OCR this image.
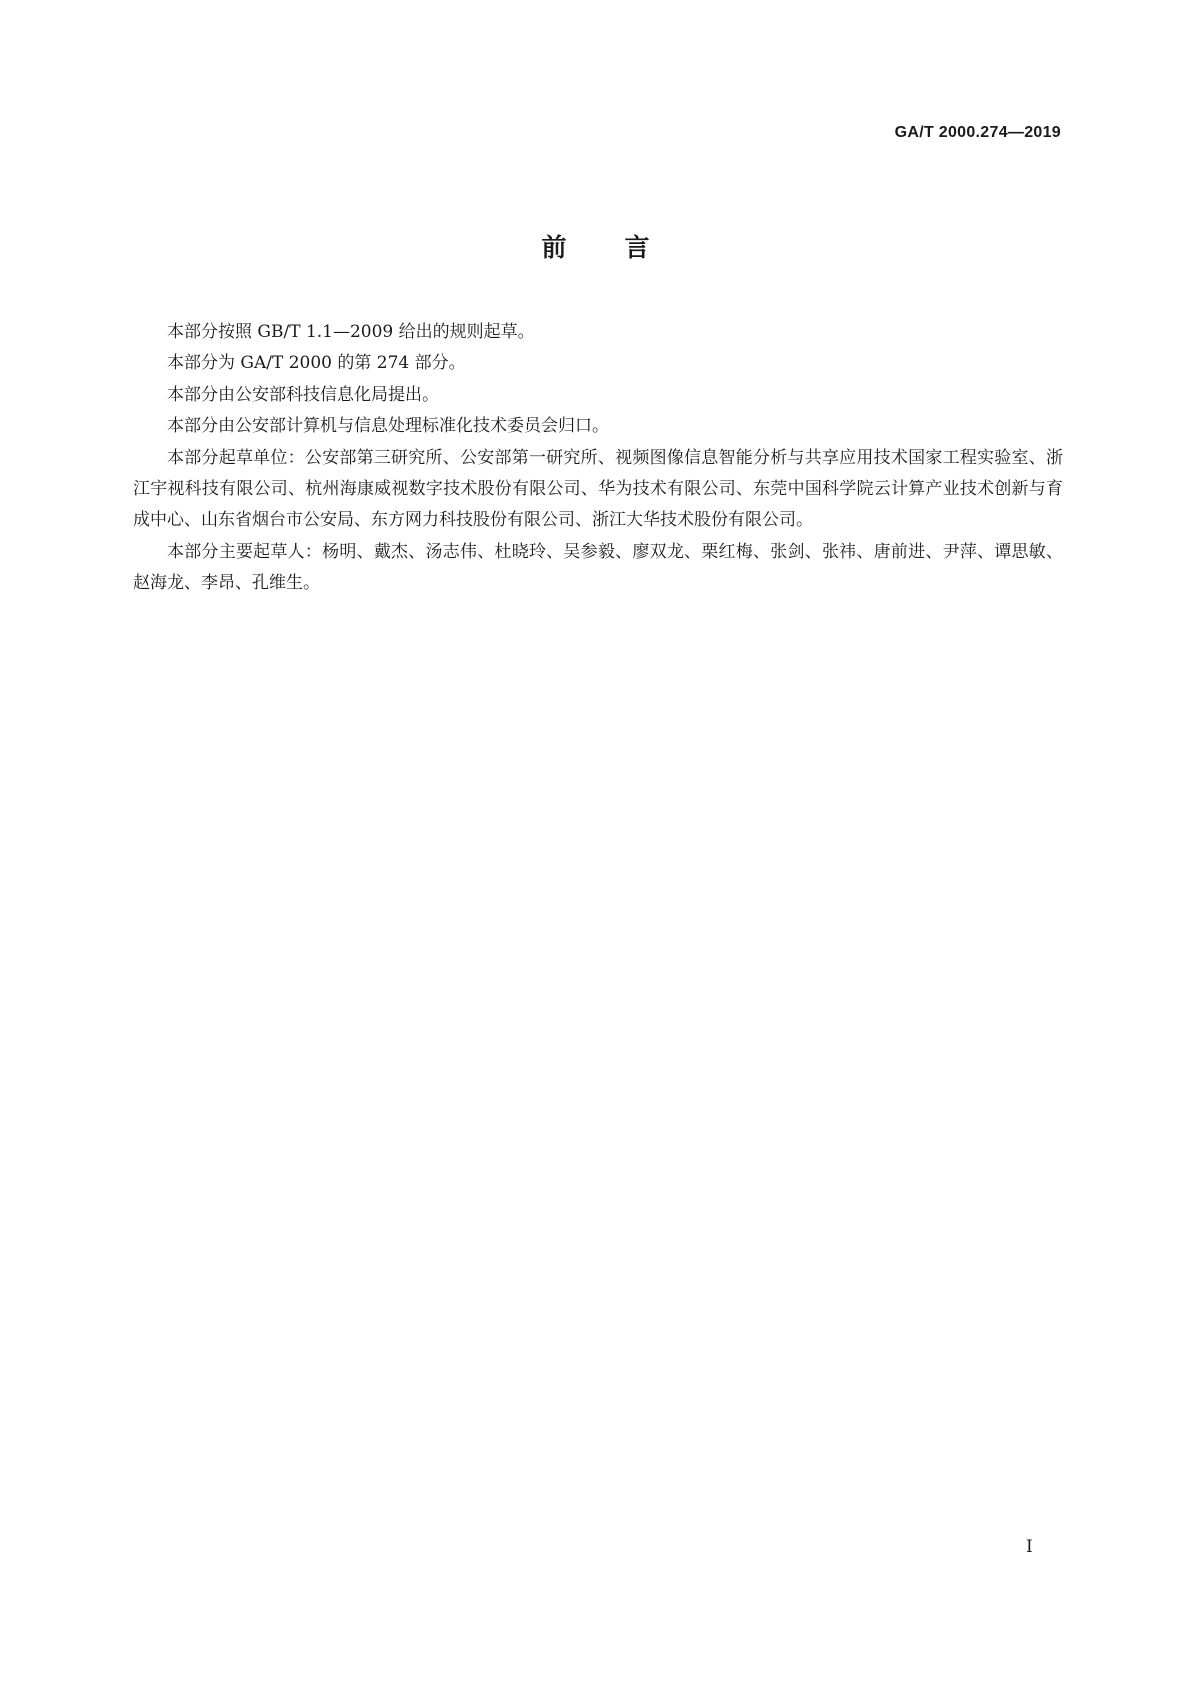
GA/T 2000.274—2019
前言

本部分按照 GB/T 1.1—2009 给出的规则起草。

本部分为 GA/T 2000 的第 274 部分。

本部分由公安部科技信息化局提出。

本部分由公安部计算机与信息处理标准化技术委员会归口。

本部分起草单位：公安部第三研究所、公安部第一研究所、视频图像信息智能分析与共享应用技术国家工程实验室、浙江宇视科技有限公司、杭州海康威视数字技术股份有限公司、华为技术有限公司、东莞中国科学院云计算产业技术创新与育成中心、山东省烟台市公安局、东方网力科技股份有限公司、浙江大华技术股份有限公司。

本部分主要起草人：杨明、戴杰、汤志伟、杜晓玲、吴参毅、廖双龙、栗红梅、张剑、张祎、唐前进、尹萍、谭思敏、赵海龙、李昂、孔维生。

I
